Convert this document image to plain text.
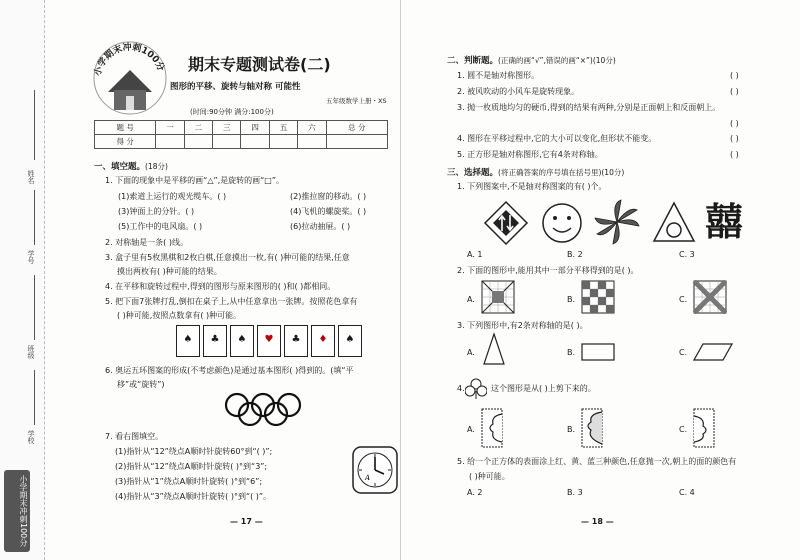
姓名
学号
班级
学校
小学期末冲刺100分
小学期末冲刺100分 期末专题测试卷(二)
图形的平移、旋转与轴对称 可能性
五年级数学上册・XS
(时间:90分钟 满分:100分)
题 号	一	二	三	四	五	六	总 分
得 分							
一、填空题。(18分)
1. 下面的现象中是平移的画“△”,是旋转的画“□”。
(1)索道上运行的观光缆车。( )	(2)推拉窗的移动。( )
(3)钟面上的分针。( )	(4)飞机的螺旋桨。( )
(5)工作中的电风扇。( )	(6)拉动抽屉。( )
2. 对称轴是一条( )线。
3. 盒子里有5枚黑棋和2枚白棋,任意摸出一枚,有( )种可能的结果,任意
摸出两枚有( )种可能的结果。
4. 在平移和旋转过程中,得到的图形与原来图形的( )和( )都相同。
5. 把下面7张牌打乱,倒扣在桌子上,从中任意拿出一张牌。按照花色拿有
( )种可能,按照点数拿有( )种可能。
♠ ♣ ♠ ♥ ♣ ♦ ♠
6. 奥运五环图案的形成(不考虑颜色)是通过基本图形( )得到的。(填“平
移”或“旋转”)
7. 看右图填空。
(1)指针从“12”绕点A顺时针旋转60°到“( )”;
(2)指针从“12”绕点A顺时针旋转( )°到“3”;
(3)指针从“1”绕点A顺时针旋转( )°到“6”;
(4)指针从“3”绕点A顺时针旋转( )°到“( )”。
A
— 17 —
二、判断题。(正确的画“√”,错误的画“×”)(10分)
1. 圆不是轴对称图形。	( )
2. 被风吹动的小风车是旋转现象。	( )
3. 抛一枚质地均匀的硬币,得到的结果有两种,分别是正面朝上和反面朝上。
( )
4. 图形在平移过程中,它的大小可以变化,但形状不能变。	( )
5. 正方形是轴对称图形,它有4条对称轴。	( )
三、选择题。(将正确答案的序号填在括号里)(10分)
1. 下列图案中,不是轴对称图案的有( )个。
囍
A. 1	B. 2	C. 3
2. 下面的图形中,能用其中一部分平移得到的是( )。
A.	B.	C.
3. 下列图形中,有2条对称轴的是( )。
A.	B.	C.
4.	这个图形是从( )上剪下来的。
A.	B.	C.
5. 给一个正方体的表面涂上红、黄、蓝三种颜色,任意抛一次,朝上的面的颜色有
( )种可能。
A. 2	B. 3	C. 4
— 18 —
